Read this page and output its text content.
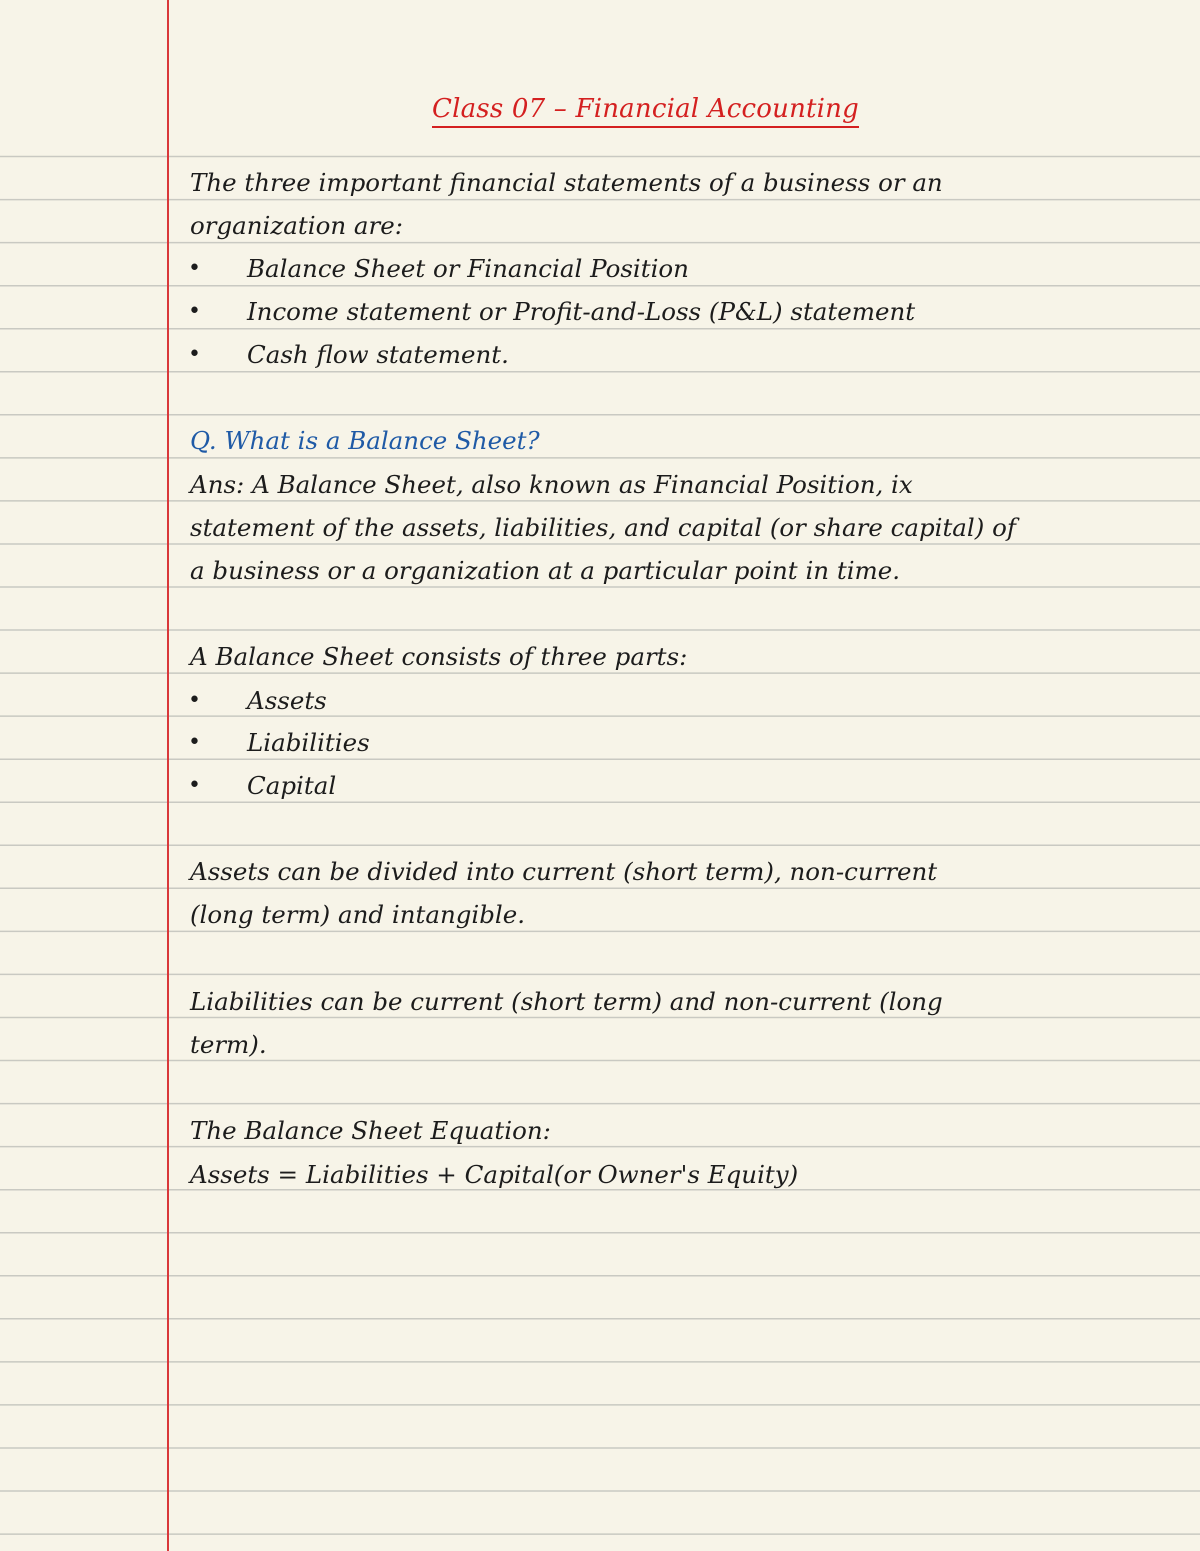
Class 07 – Financial Accounting
The three important financial statements of a business or an
organization are:
• Balance Sheet or Financial Position
• Income statement or Profit-and-Loss (P&L) statement
• Cash flow statement.
Q. What is a Balance Sheet?
Ans: A Balance Sheet, also known as Financial Position, ix
statement of the assets, liabilities, and capital (or share capital) of
a business or a organization at a particular point in time.
A Balance Sheet consists of three parts:
• Assets
• Liabilities
• Capital
Assets can be divided into current (short term), non-current
(long term) and intangible.
Liabilities can be current (short term) and non-current (long
term).
The Balance Sheet Equation:
Assets = Liabilities + Capital(or Owner's Equity)
